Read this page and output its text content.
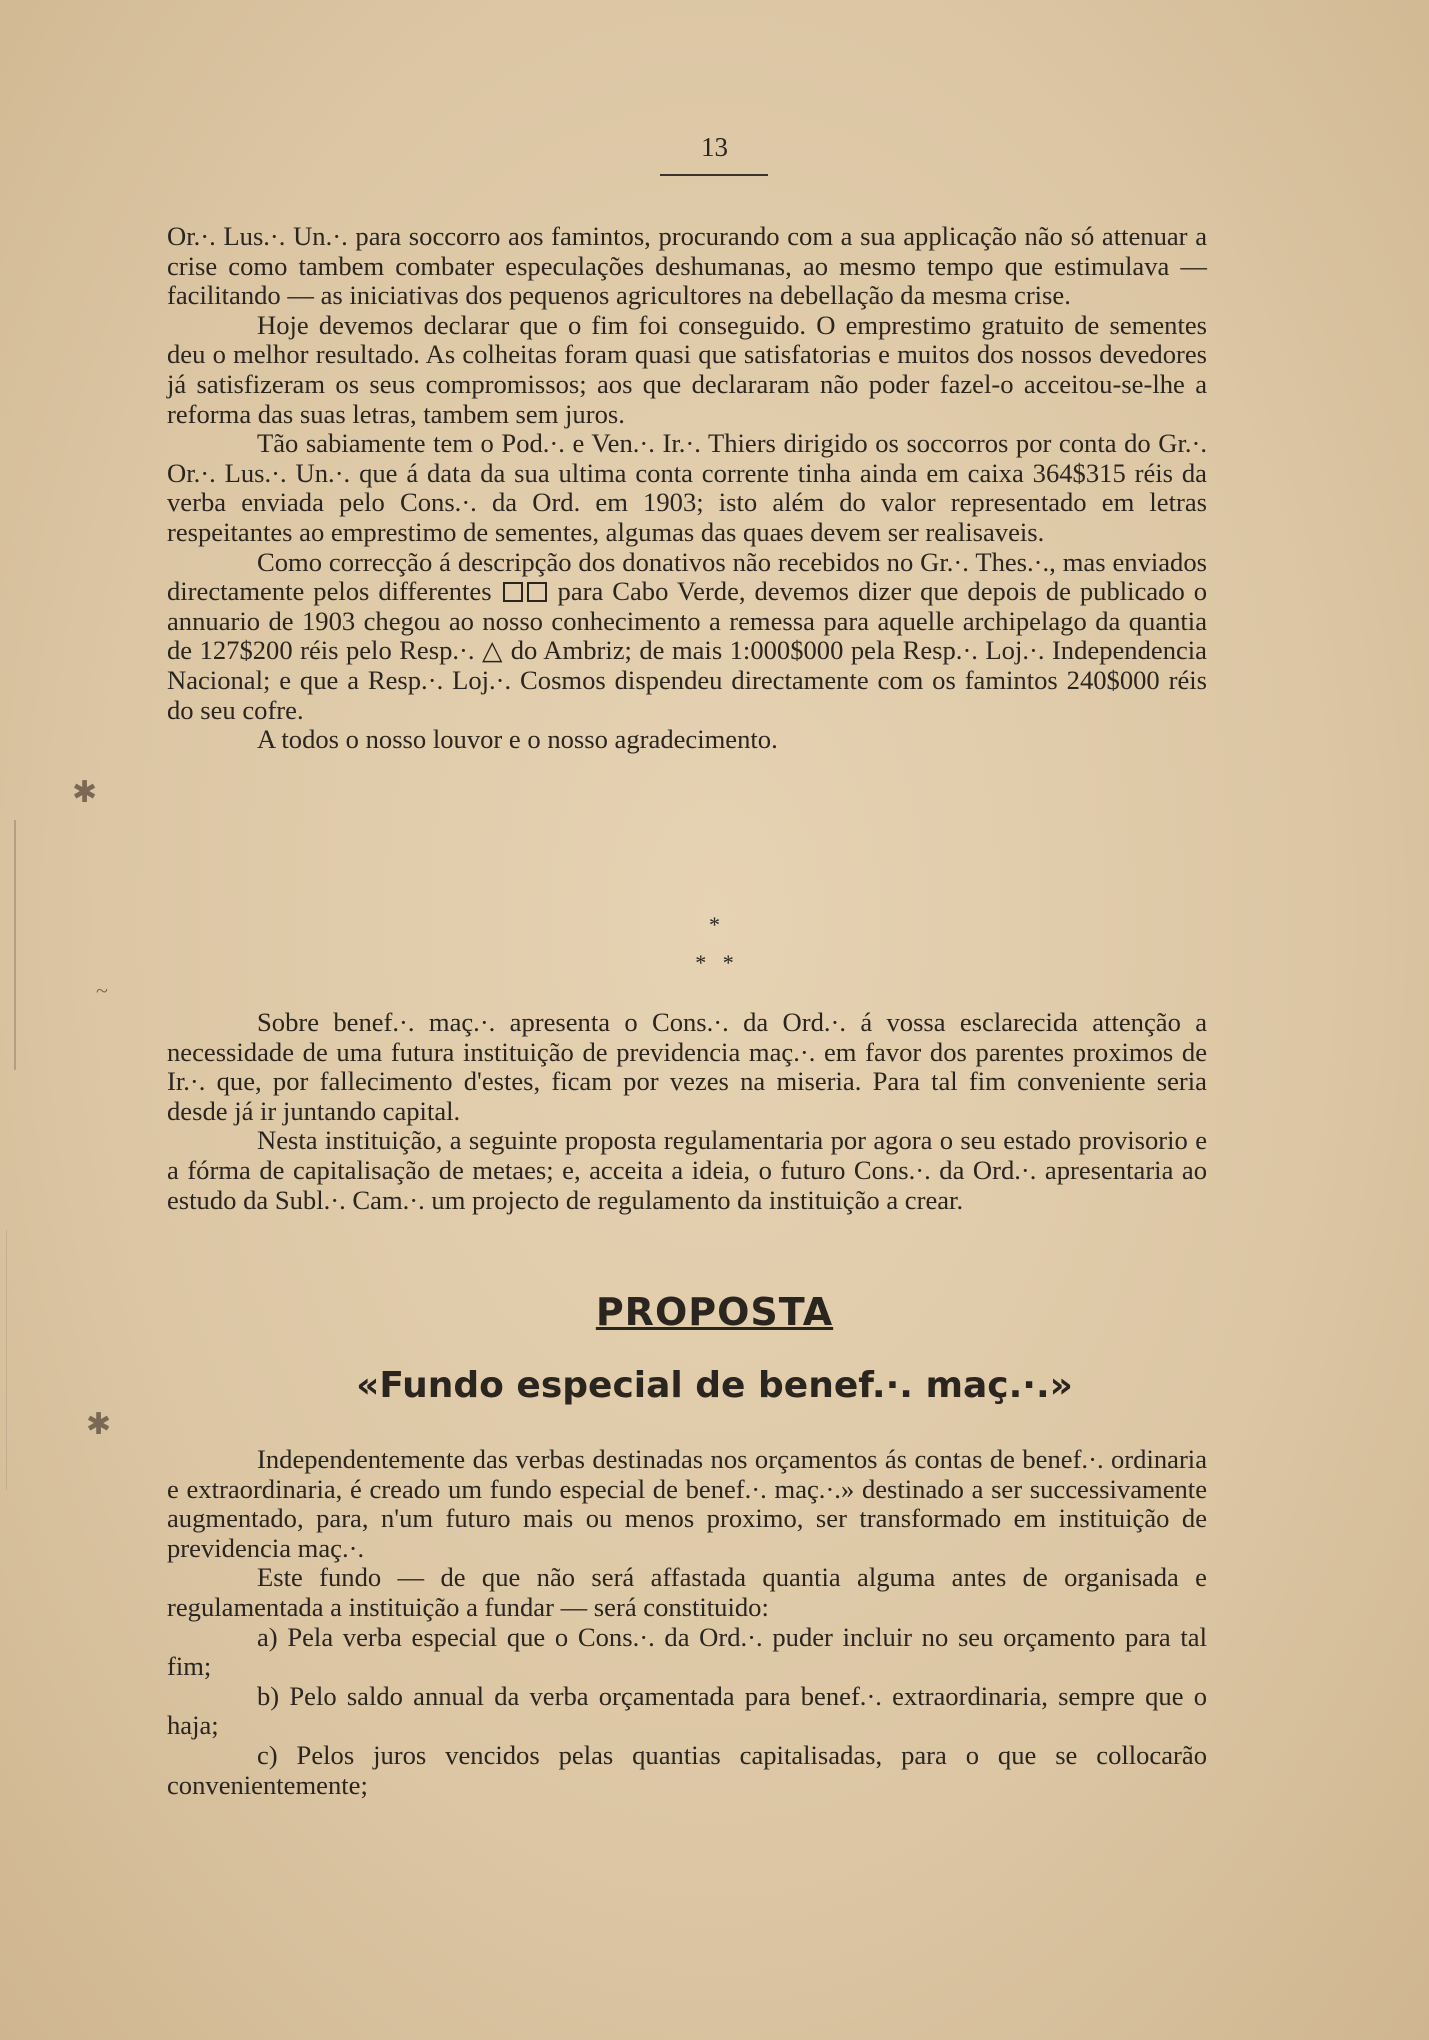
✱
~
✱
13

Or.·. Lus.·. Un.·. para soccorro aos famintos, procurando com a sua applicação não só attenuar a crise como tambem combater especulações deshumanas, ao mesmo tempo que estimulava — facilitando — as iniciativas dos pequenos agricultores na debellação da mesma crise.

Hoje devemos declarar que o fim foi conseguido. O emprestimo gratuito de sementes deu o melhor resultado. As colheitas foram quasi que satisfatorias e muitos dos nossos devedores já satisfizeram os seus compromissos; aos que declararam não poder fazel-o acceitou-se-lhe a reforma das suas letras, tambem sem juros.

Tão sabiamente tem o Pod.·. e Ven.·. Ir.·. Thiers dirigido os soccorros por conta do Gr.·. Or.·. Lus.·. Un.·. que á data da sua ultima conta corrente tinha ainda em caixa 364$315 réis da verba enviada pelo Cons.·. da Ord. em 1903; isto além do valor representado em letras respeitantes ao emprestimo de sementes, algumas das quaes devem ser realisaveis.

Como correcção á descripção dos donativos não recebidos no Gr.·. Thes.·., mas enviados directamente pelos differentes para Cabo Verde, devemos dizer que depois de publicado o annuario de 1903 chegou ao nosso conhecimento a remessa para aquelle archipelago da quantia de 127$200 réis pelo Resp.·. △ do Ambriz; de mais 1:000$000 pela Resp.·. Loj.·. Independencia Nacional; e que a Resp.·. Loj.·. Cosmos dispendeu directamente com os famintos 240$000 réis do seu cofre.

A todos o nosso louvor e o nosso agradecimento.

*
*   *

Sobre benef.·. maç.·. apresenta o Cons.·. da Ord.·. á vossa esclarecida attenção a necessidade de uma futura instituição de previdencia maç.·. em favor dos parentes proximos de Ir.·. que, por fallecimento d'estes, ficam por vezes na miseria. Para tal fim conveniente seria desde já ir juntando capital.

Nesta instituição, a seguinte proposta regulamentaria por agora o seu estado provisorio e a fórma de capitalisação de metaes; e, acceita a ideia, o futuro Cons.·. da Ord.·. apresentaria ao estudo da Subl.·. Cam.·. um projecto de regulamento da instituição a crear.

PROPOSTA
«Fundo especial de benef.·. maç.·.»

Independentemente das verbas destinadas nos orçamentos ás contas de benef.·. ordinaria e extraordinaria, é creado um fundo especial de benef.·. maç.·.» destinado a ser successivamente augmentado, para, n'um futuro mais ou menos proximo, ser transformado em instituição de previdencia maç.·.

Este fundo — de que não será affastada quantia alguma antes de organisada e regulamentada a instituição a fundar — será constituido:

a) Pela verba especial que o Cons.·. da Ord.·. puder incluir no seu orçamento para tal fim;

b) Pelo saldo annual da verba orçamentada para benef.·. extraordinaria, sempre que o haja;

c) Pelos juros vencidos pelas quantias capitalisadas, para o que se collocarão convenientemente;
